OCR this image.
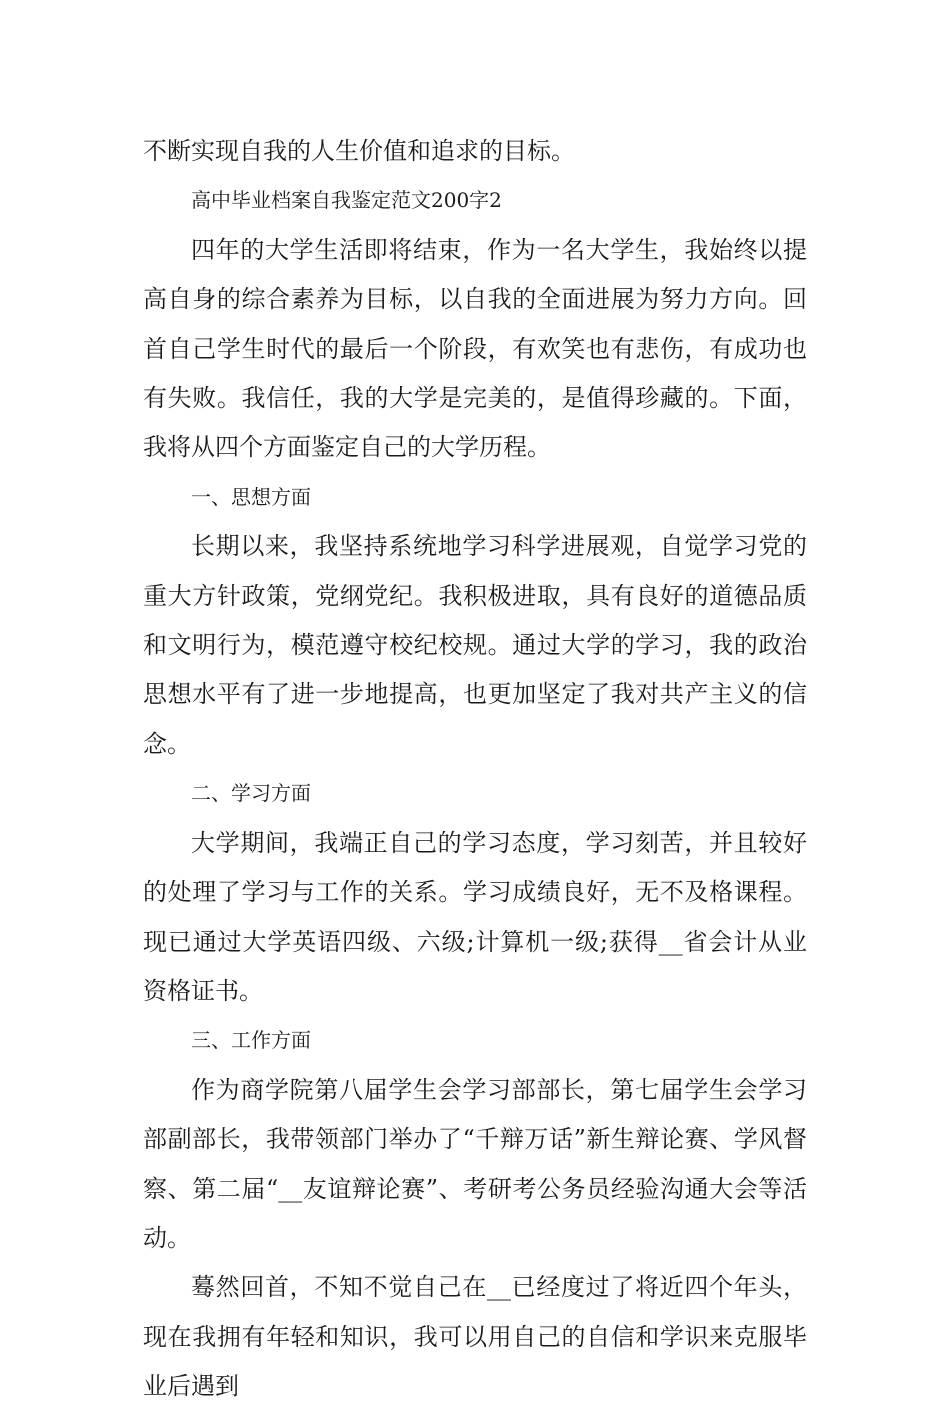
不断实现自我的人生价值和追求的目标。

高中毕业档案自我鉴定范文200字2

四年的大学生活即将结束，作为一名大学生，我始终以提高自身的综合素养为目标，以自我的全面进展为努力方向。回首自己学生时代的最后一个阶段，有欢笑也有悲伤，有成功也有失败。我信任，我的大学是完美的，是值得珍藏的。下面，我将从四个方面鉴定自己的大学历程。

一、思想方面

长期以来，我坚持系统地学习科学进展观，自觉学习党的重大方针政策，党纲党纪。我积极进取，具有良好的道德品质和文明行为，模范遵守校纪校规。通过大学的学习，我的政治思想水平有了进一步地提高，也更加坚定了我对共产主义的信念。

二、学习方面

大学期间，我端正自己的学习态度，学习刻苦，并且较好的处理了学习与工作的关系。学习成绩良好，无不及格课程。现已通过大学英语四级、六级;计算机一级;获得__省会计从业资格证书。

三、工作方面

作为商学院第八届学生会学习部部长，第七届学生会学习部副部长，我带领部门举办了“千辩万话”新生辩论赛、学风督察、第二届“__友谊辩论赛”、考研考公务员经验沟通大会等活动。

蓦然回首，不知不觉自己在__已经度过了将近四个年头，现在我拥有年轻和知识，我可以用自己的自信和学识来克服毕业后遇到
